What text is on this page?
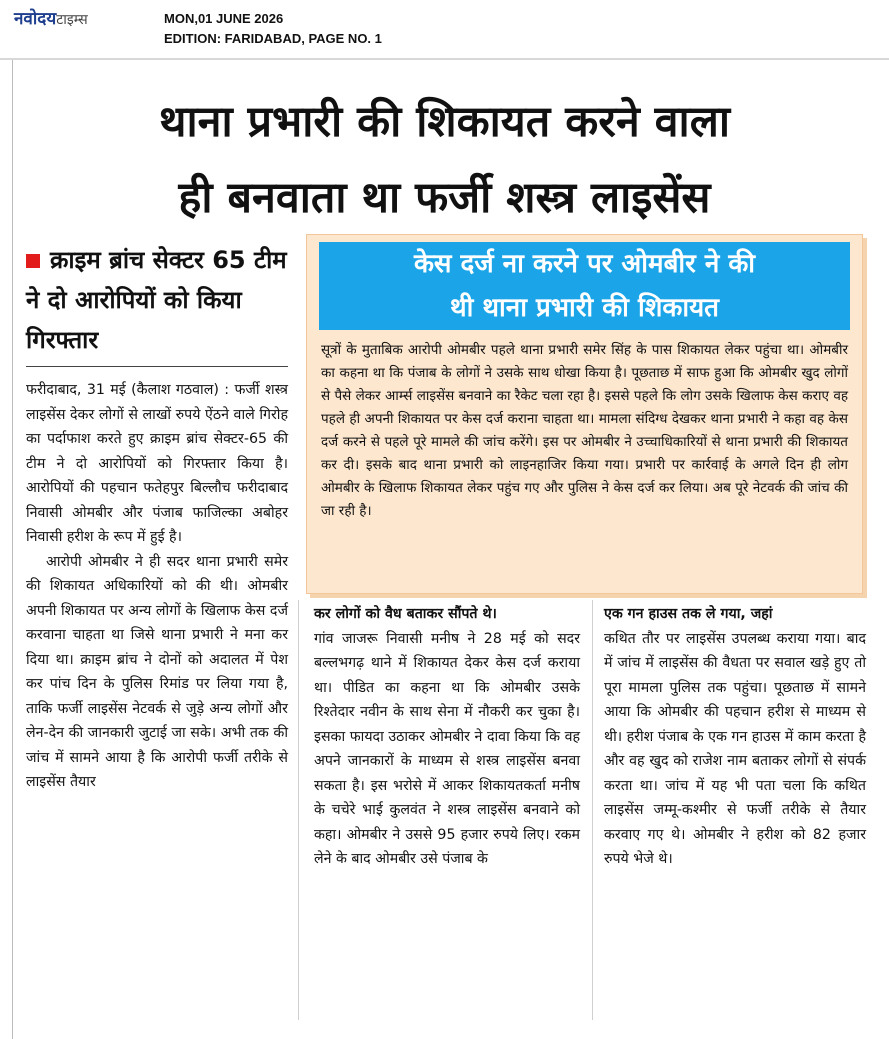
नवोदयटाइम्स	MON,01 JUNE 2026
EDITION: FARIDABAD, PAGE NO. 1
थाना प्रभारी की शिकायत करने वाला
ही बनवाता था फर्जी शस्त्र लाइसेंस
क्राइम ब्रांच सेक्टर 65 टीम ने दो आरोपियों को किया गिरफ्तार
केस दर्ज ना करने पर ओमबीर ने की
थी थाना प्रभारी की शिकायत
सूत्रों के मुताबिक आरोपी ओमबीर पहले थाना प्रभारी समेर सिंह के पास शिकायत लेकर पहुंचा था। ओमबीर का कहना था कि पंजाब के लोगों ने उसके साथ धोखा किया है। पूछताछ में साफ हुआ कि ओमबीर खुद लोगों से पैसे लेकर आर्म्स लाइसेंस बनवाने का रैकेट चला रहा है। इससे पहले कि लोग उसके खिलाफ केस कराए वह पहले ही अपनी शिकायत पर केस दर्ज कराना चाहता था। मामला संदिग्ध देखकर थाना प्रभारी ने कहा वह केस दर्ज करने से पहले पूरे मामले की जांच करेंगे। इस पर ओमबीर ने उच्चाधिकारियों से थाना प्रभारी की शिकायत कर दी। इसके बाद थाना प्रभारी को लाइनहाजिर किया गया। प्रभारी पर कार्रवाई के अगले दिन ही लोग ओमबीर के खिलाफ शिकायत लेकर पहुंच गए और पुलिस ने केस दर्ज कर लिया। अब पूरे नेटवर्क की जांच की जा रही है।

फरीदाबाद, 31 मई (कैलाश गठवाल) : फर्जी शस्त्र लाइसेंस देकर लोगों से लाखों रुपये ऐंठने वाले गिरोह का पर्दाफाश करते हुए क्राइम ब्रांच सेक्टर-65 की टीम ने दो आरोपियों को गिरफ्तार किया है। आरोपियों की पहचान फतेहपुर बिल्लौच फरीदाबाद निवासी ओमबीर और पंजाब फाजिल्का अबोहर निवासी हरीश के रूप में हुई है।

आरोपी ओमबीर ने ही सदर थाना प्रभारी समेर की शिकायत अधिकारियों को की थी। ओमबीर अपनी शिकायत पर अन्य लोगों के खिलाफ केस दर्ज करवाना चाहता था जिसे थाना प्रभारी ने मना कर दिया था। क्राइम ब्रांच ने दोनों को अदालत में पेश कर पांच दिन के पुलिस रिमांड पर लिया गया है, ताकि फर्जी लाइसेंस नेटवर्क से जुड़े अन्य लोगों और लेन-देन की जानकारी जुटाई जा सके। अभी तक की जांच में सामने आया है कि आरोपी फर्जी तरीके से लाइसेंस तैयार

कर लोगों को वैध बताकर सौंपते थे।

गांव जाजरू निवासी मनीष ने 28 मई को सदर बल्लभगढ़ थाने में शिकायत देकर केस दर्ज कराया था। पीडित का कहना था कि ओमबीर उसके रिश्तेदार नवीन के साथ सेना में नौकरी कर चुका है। इसका फायदा उठाकर ओमबीर ने दावा किया कि वह अपने जानकारों के माध्यम से शस्त्र लाइसेंस बनवा सकता है। इस भरोसे में आकर शिकायतकर्ता मनीष के चचेरे भाई कुलवंत ने शस्त्र लाइसेंस बनवाने को कहा। ओमबीर ने उससे 95 हजार रुपये लिए। रकम लेने के बाद ओमबीर उसे पंजाब के

एक गन हाउस तक ले गया, जहां

कथित तौर पर लाइसेंस उपलब्ध कराया गया। बाद में जांच में लाइसेंस की वैधता पर सवाल खड़े हुए तो पूरा मामला पुलिस तक पहुंचा। पूछताछ में सामने आया कि ओमबीर की पहचान हरीश से माध्यम से थी। हरीश पंजाब के एक गन हाउस में काम करता है और वह खुद को राजेश नाम बताकर लोगों से संपर्क करता था। जांच में यह भी पता चला कि कथित लाइसेंस जम्मू-कश्मीर से फर्जी तरीके से तैयार करवाए गए थे। ओमबीर ने हरीश को 82 हजार रुपये भेजे थे।
